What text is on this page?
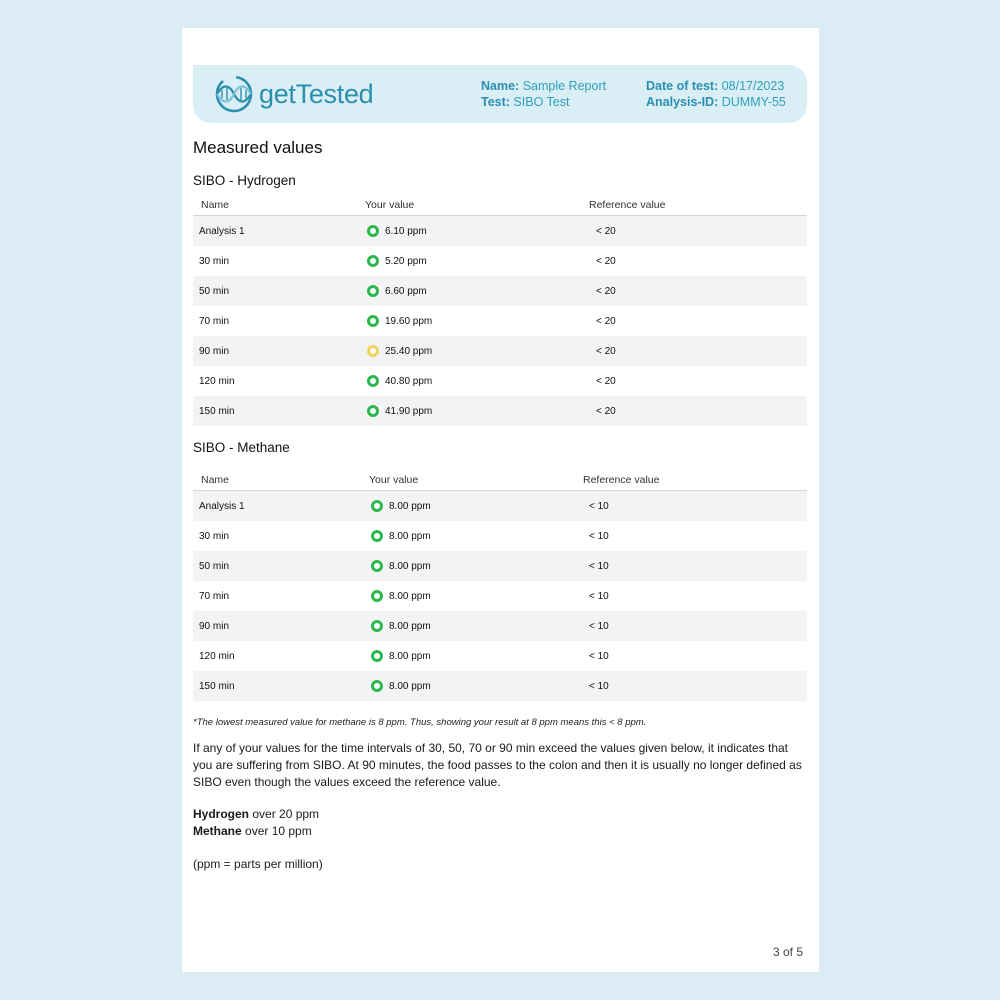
getTested	Name: Sample Report
Test: SIBO Test
Date of test: 08/17/2023
Analysis-ID: DUMMY-55
Measured values
SIBO - Hydrogen
Name	Your value	Reference value
Analysis 1	6.10 ppm	< 20
30 min	5.20 ppm	< 20
50 min	6.60 ppm	< 20
70 min	19.60 ppm	< 20
90 min	25.40 ppm	< 20
120 min	40.80 ppm	< 20
150 min	41.90 ppm	< 20
SIBO - Methane
Name	Your value	Reference value
Analysis 1	8.00 ppm	< 10
30 min	8.00 ppm	< 10
50 min	8.00 ppm	< 10
70 min	8.00 ppm	< 10
90 min	8.00 ppm	< 10
120 min	8.00 ppm	< 10
150 min	8.00 ppm	< 10
*The lowest measured value for methane is 8 ppm. Thus, showing your result at 8 ppm means this < 8 ppm.
If any of your values for the time intervals of 30, 50, 70 or 90 min exceed the values given below, it indicates that you are suffering from SIBO. At 90 minutes, the food passes to the colon and then it is usually no longer defined as SIBO even though the values exceed the reference value.
Hydrogen over 20 ppm
Methane over 10 ppm
(ppm = parts per million)
3 of 5
